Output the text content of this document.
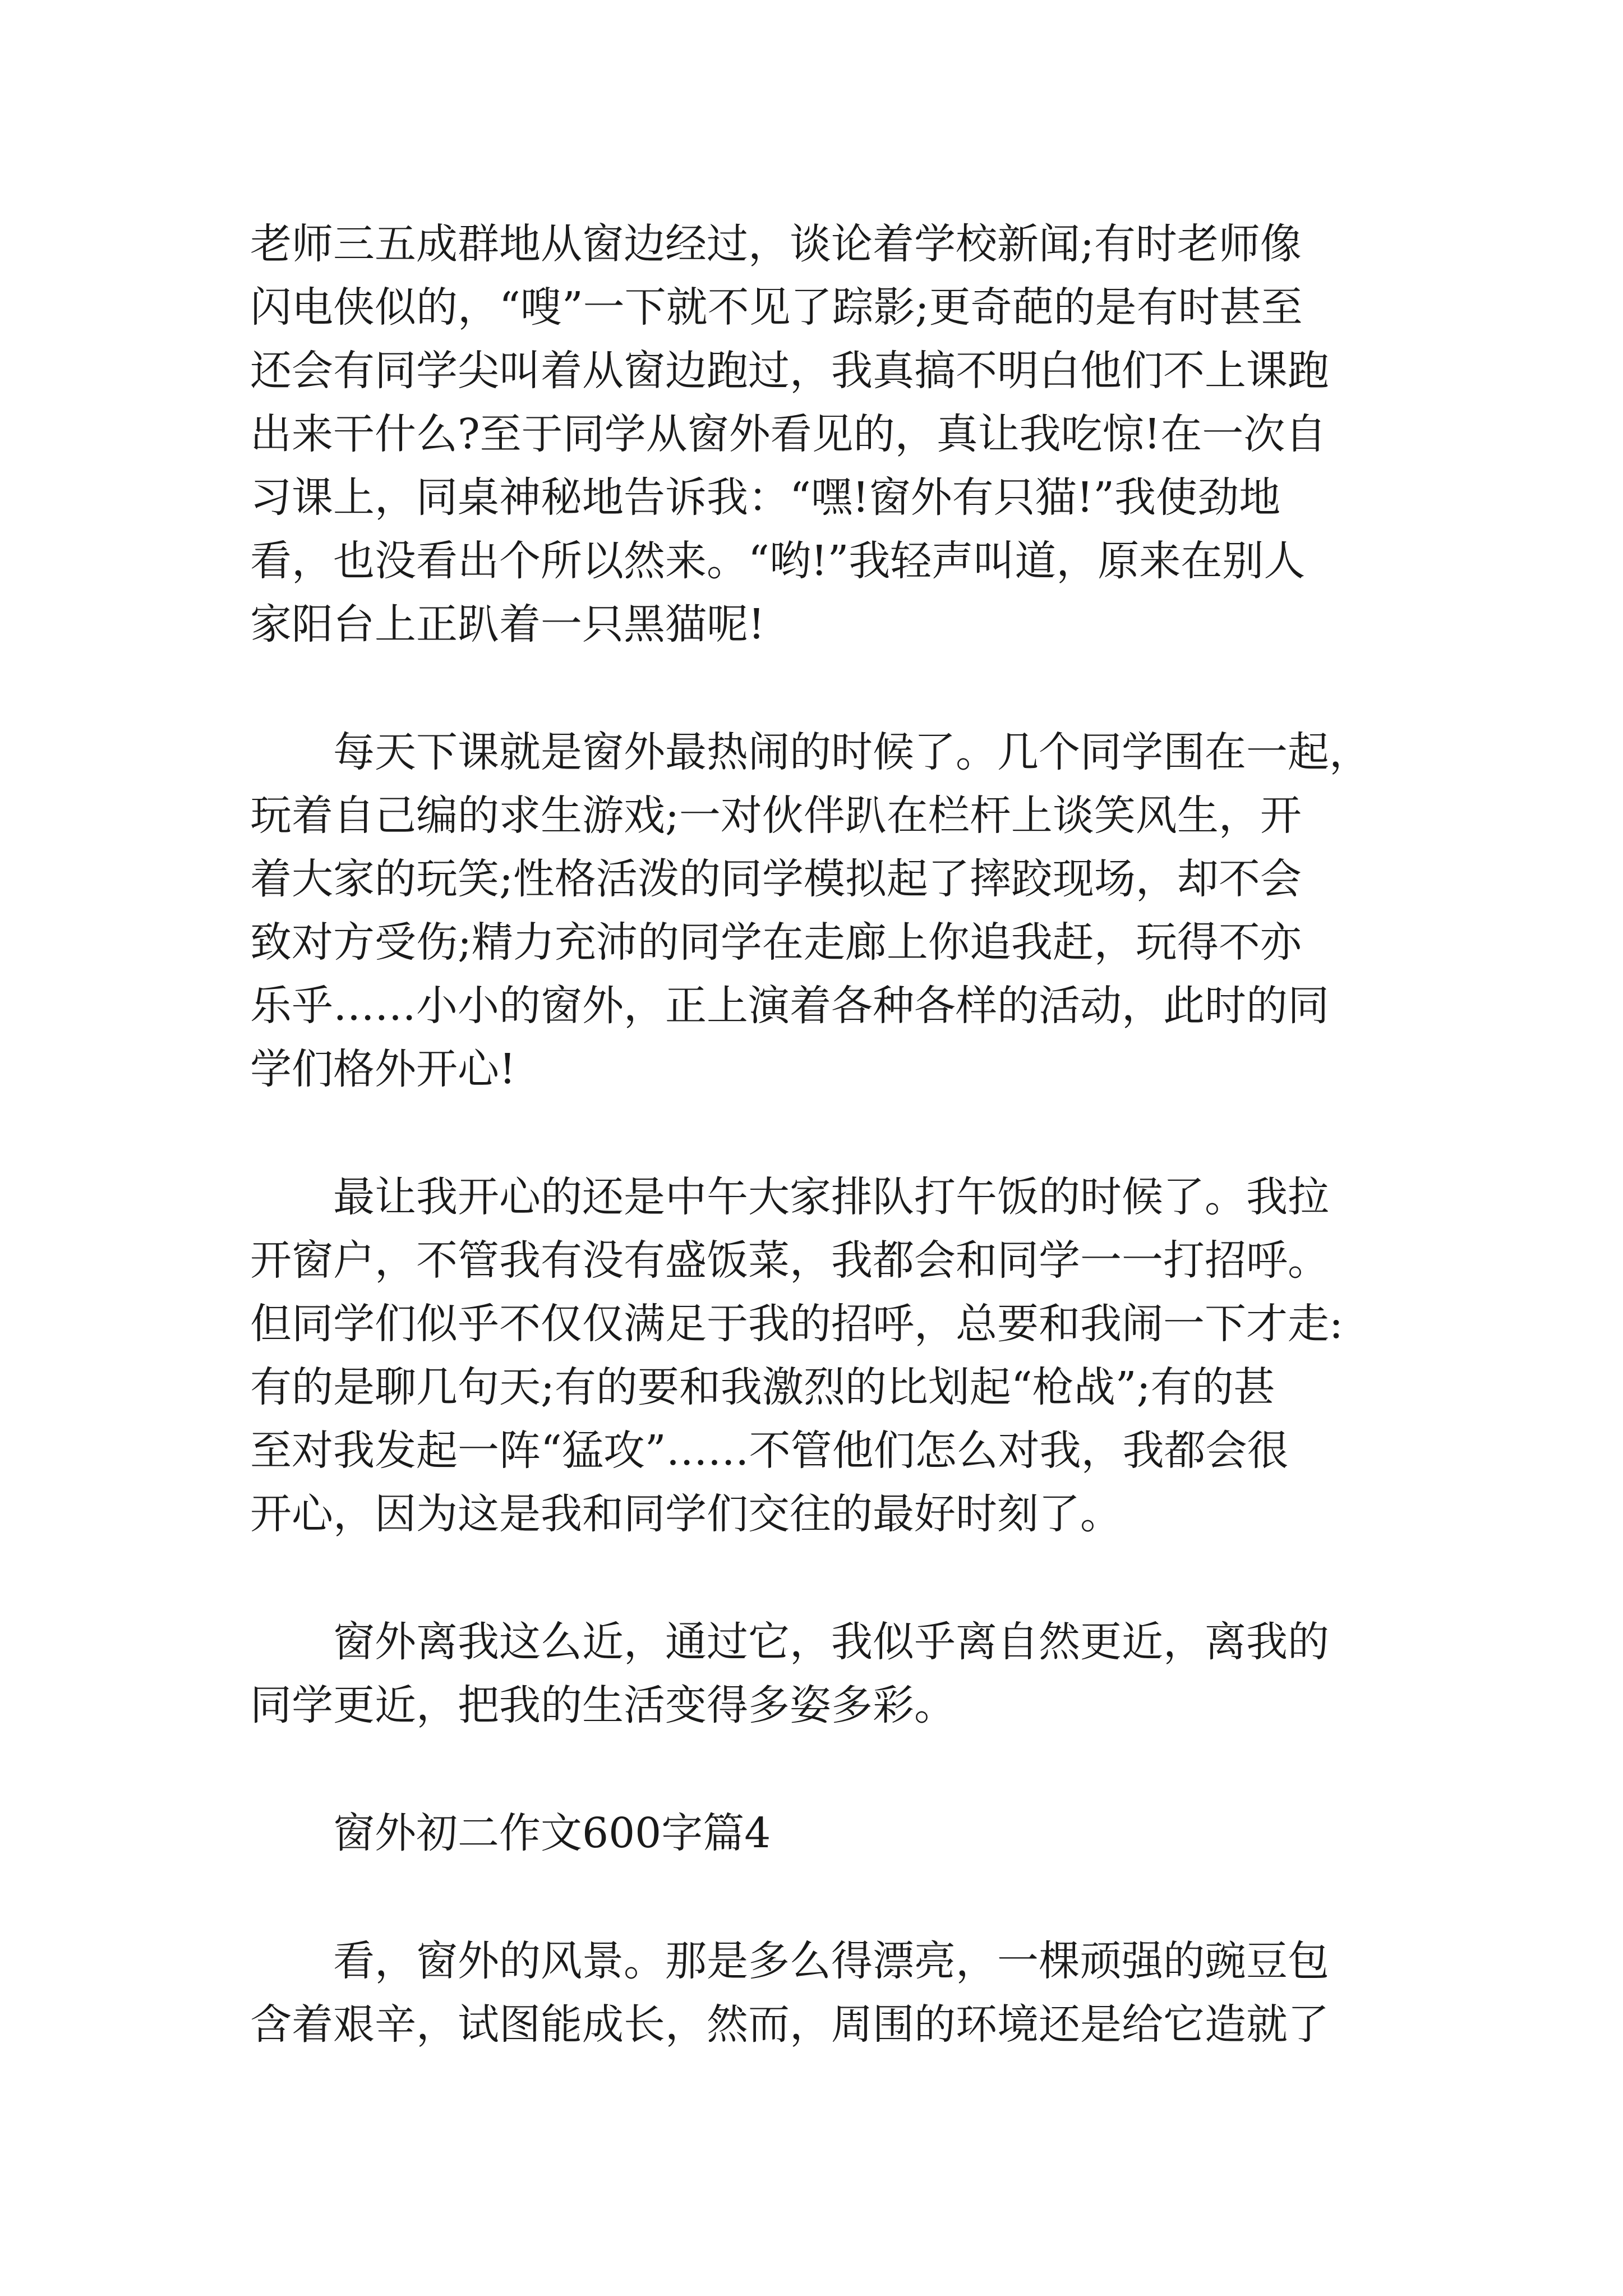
老师三五成群地从窗边经过，谈论着学校新闻;有时老师像

闪电侠似的，“嗖”一下就不见了踪影;更奇葩的是有时甚至

还会有同学尖叫着从窗边跑过，我真搞不明白他们不上课跑

出来干什么?至于同学从窗外看见的，真让我吃惊!在一次自

习课上，同桌神秘地告诉我：“嘿!窗外有只猫!”我使劲地

看，也没看出个所以然来。“哟!”我轻声叫道，原来在别人

家阳台上正趴着一只黑猫呢!

每天下课就是窗外最热闹的时候了。几个同学围在一起，

玩着自己编的求生游戏;一对伙伴趴在栏杆上谈笑风生，开

着大家的玩笑;性格活泼的同学模拟起了摔跤现场，却不会

致对方受伤;精力充沛的同学在走廊上你追我赶，玩得不亦

乐乎……小小的窗外，正上演着各种各样的活动，此时的同

学们格外开心!

最让我开心的还是中午大家排队打午饭的时候了。我拉

开窗户，不管我有没有盛饭菜，我都会和同学一一打招呼。

但同学们似乎不仅仅满足于我的招呼，总要和我闹一下才走:

有的是聊几句天;有的要和我激烈的比划起“枪战”;有的甚

至对我发起一阵“猛攻”……不管他们怎么对我，我都会很

开心，因为这是我和同学们交往的最好时刻了。

窗外离我这么近，通过它，我似乎离自然更近，离我的

同学更近，把我的生活变得多姿多彩。

窗外初二作文600字篇4

看，窗外的风景。那是多么得漂亮，一棵顽强的豌豆包

含着艰辛，试图能成长，然而，周围的环境还是给它造就了
